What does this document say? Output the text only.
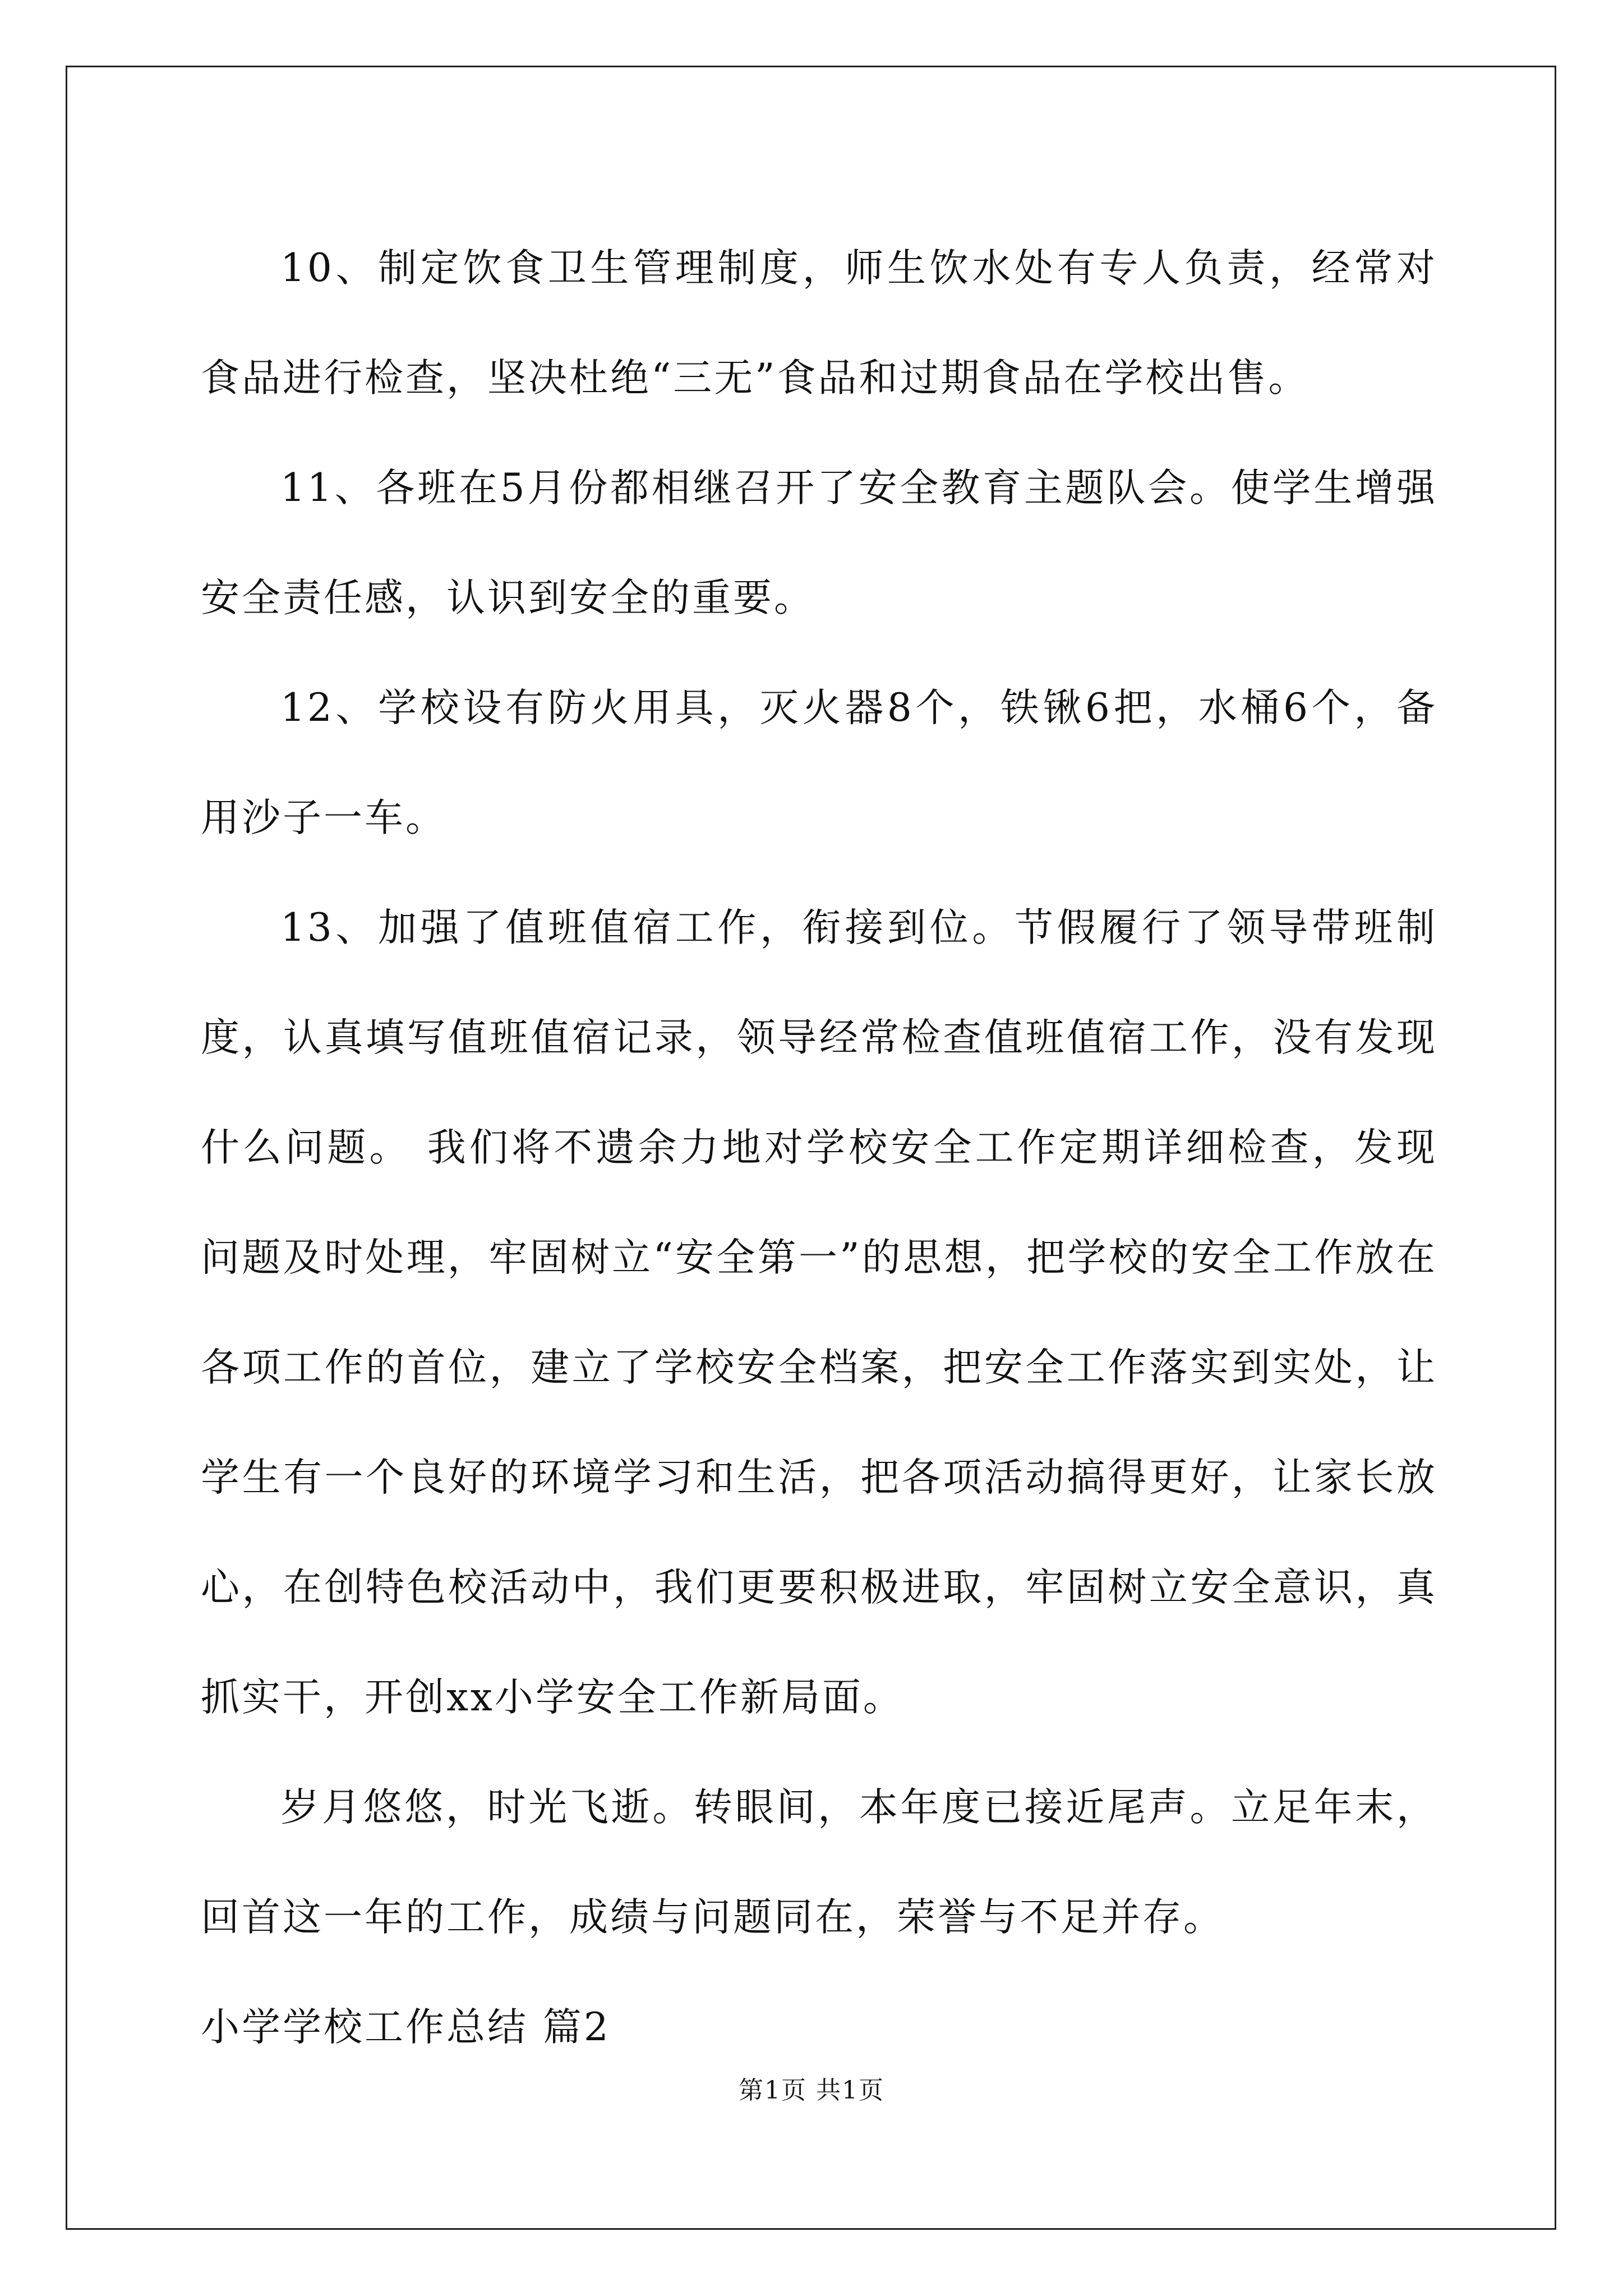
10、制定饮食卫生管理制度，师生饮水处有专人负责，经常对食品进行检查，坚决杜绝“三无”食品和过期食品在学校出售。

11、各班在5月份都相继召开了安全教育主题队会。使学生增强安全责任感，认识到安全的重要。

12、学校设有防火用具，灭火器8个，铁锹6把，水桶6个，备用沙子一车。

13、加强了值班值宿工作，衔接到位。节假履行了领导带班制度，认真填写值班值宿记录，领导经常检查值班值宿工作，没有发现什么问题。 我们将不遗余力地对学校安全工作定期详细检查，发现问题及时处理，牢固树立“安全第一”的思想，把学校的安全工作放在各项工作的首位，建立了学校安全档案，把安全工作落实到实处，让学生有一个良好的环境学习和生活，把各项活动搞得更好，让家长放心，在创特色校活动中，我们更要积极进取，牢固树立安全意识，真抓实干，开创xx小学安全工作新局面。

岁月悠悠，时光飞逝。转眼间，本年度已接近尾声。立足年末，回首这一年的工作，成绩与问题同在，荣誉与不足并存。

小学学校工作总结 篇2

第1页 共1页
